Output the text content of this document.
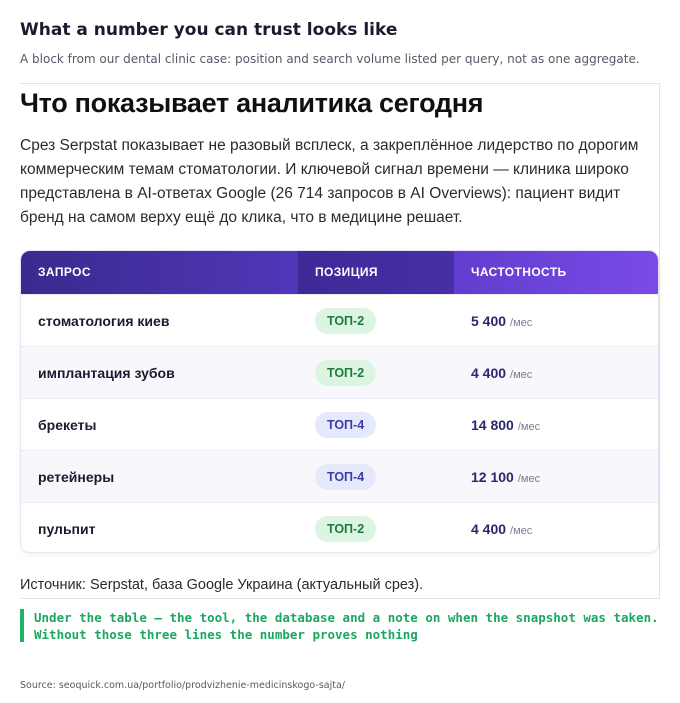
What a number you can trust looks like
A block from our dental clinic case: position and search volume listed per query, not as one aggregate.
Что показывает аналитика сегодня
Срез Serpstat показывает не разовый всплеск, а закреплённое лидерство по дорогим коммерческим темам стоматологии. И ключевой сигнал времени — клиника широко представлена в AI-ответах Google (26 714 запросов в AI Overviews): пациент видит бренд на самом верху ещё до клика, что в медицине решает.
ЗАПРОС	ПОЗИЦИЯ	ЧАСТОТНОСТЬ
стоматология киев	ТОП-2	5 400 /мес
имплантация зубов	ТОП-2	4 400 /мес
брекеты	ТОП-4	14 800 /мес
ретейнеры	ТОП-4	12 100 /мес
пульпит	ТОП-2	4 400 /мес
Источник: Serpstat, база Google Украина (актуальный срез).
Under the table — the tool, the database and a note on when the snapshot was taken.
Without those three lines the number proves nothing
Source: seoquick.com.ua/portfolio/prodvizhenie-medicinskogo-sajta/
